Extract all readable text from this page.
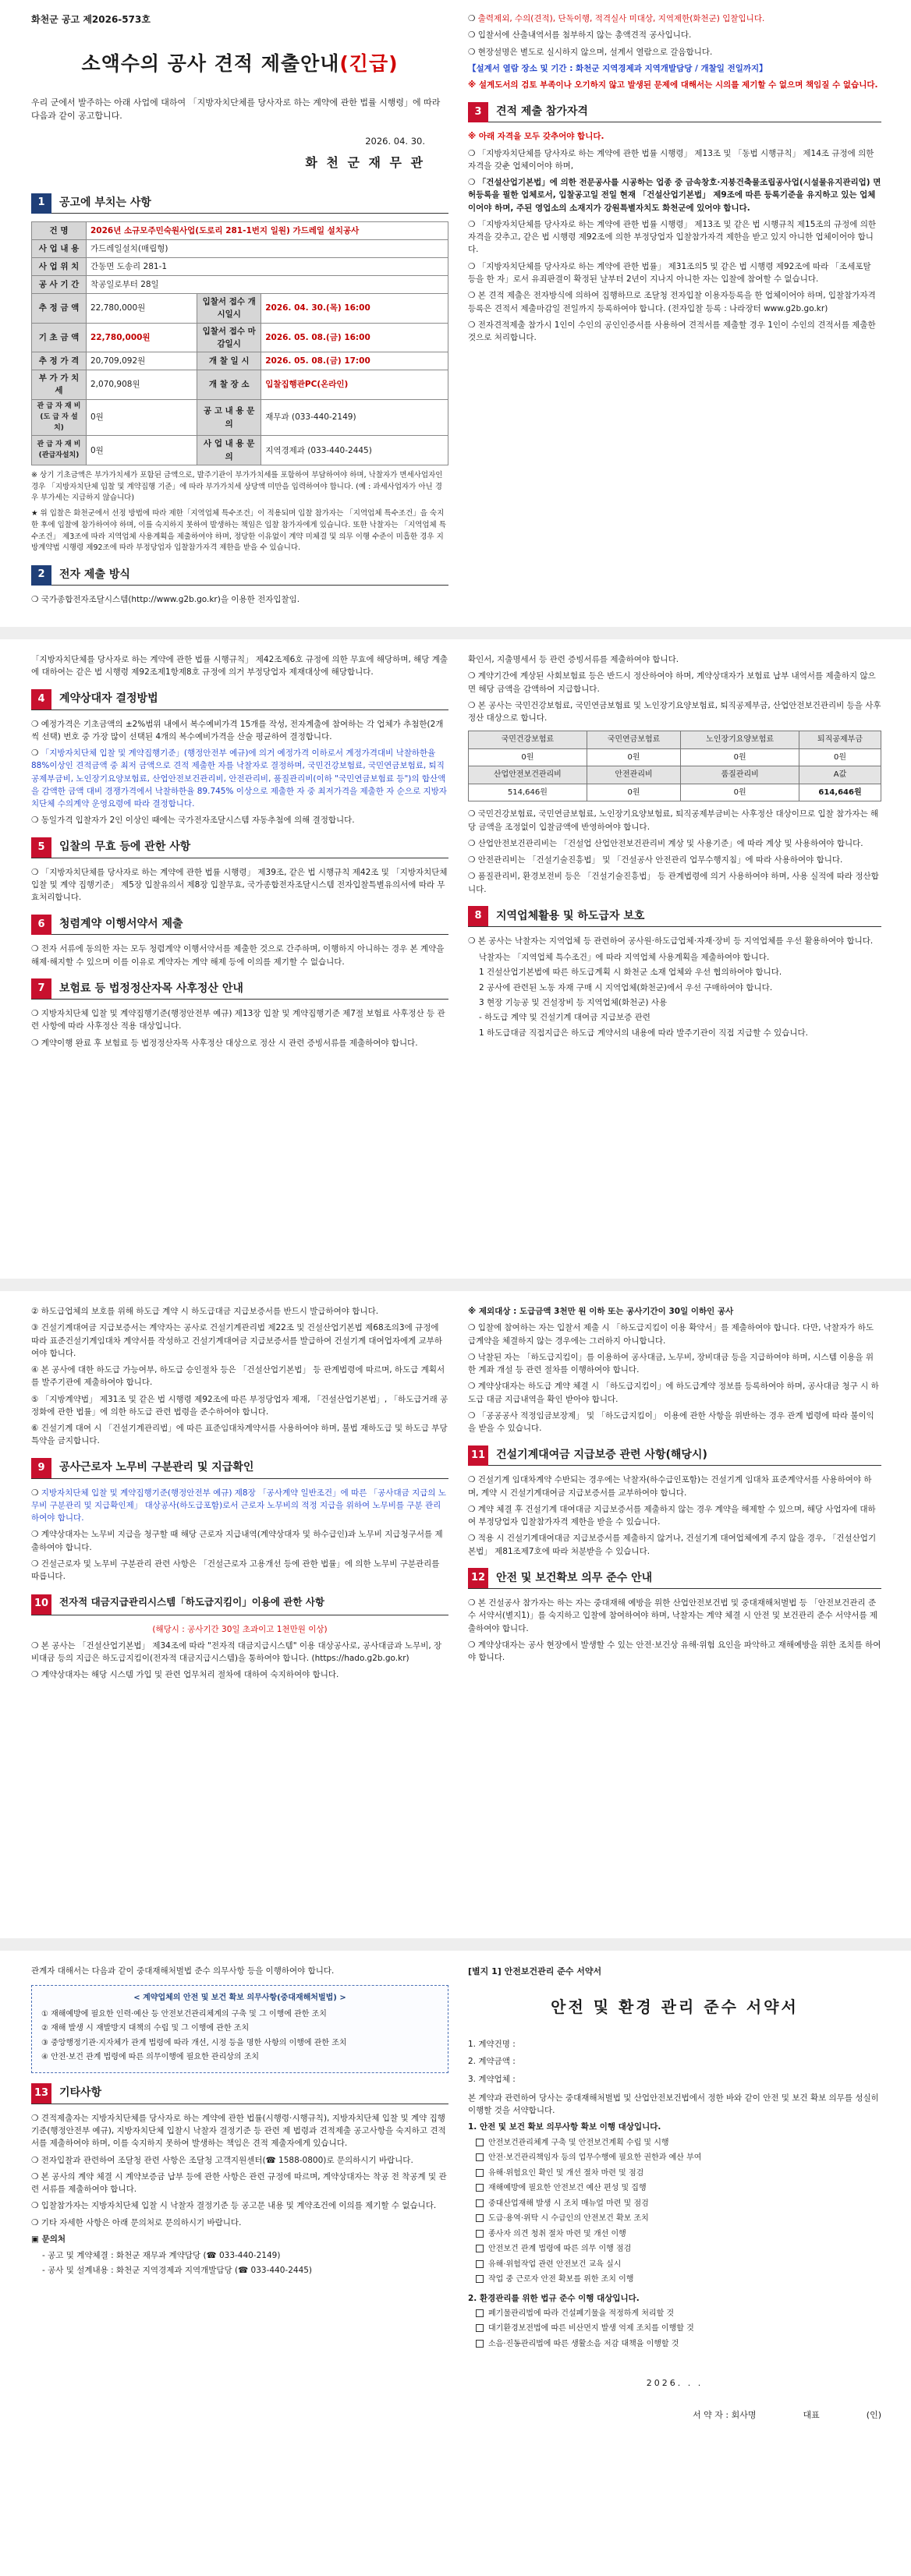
화천군 공고 제2026-573호
소액수의 공사 견적 제출안내(긴급)
우리 군에서 발주하는 아래 사업에 대하여 「지방자치단체를 당사자로 하는 계약에 관한 법률 시행령」에 따라 다음과 같이 공고합니다.
2026. 04. 30.
화 천 군 재 무 관
1	공고에 부치는 사항
건 명	2026년 소규모주민숙원사업(도로리 281-1번지 일원) 가드레일 설치공사		
사 업 내 용	가드레일설치(매립형)		
사 업 위 치	간동면 도송리 281-1		
공 사 기 간	착공일로부터 28일		
추 정 금 액	22,780,000원	입찰서 접수 개시일시	2026. 04. 30.(목) 16:00
기 초 금 액	22,780,000원	입찰서 접수 마감일시	2026. 05. 08.(금) 16:00
추 정 가 격	20,709,092원	개 찰 일 시	2026. 05. 08.(금) 17:00
부 가 가 치 세	2,070,908원	개 찰 장 소	입찰집행관PC(온라인)
관 급 자 재 비(도 급 자 설 치)	0원	공 고 내 용 문 의	재무과 (033-440-2149)
관 급 자 재 비(관급자설치)	0원	사 업 내 용 문 의	지역경제과 (033-440-2445)

※ 상기 기초금액은 부가가치세가 포함된 금액으로, 발주기관이 부가가치세를 포함하여 부담하여야 하며, 낙찰자가 면세사업자인 경우 「지방자치단체 입찰 및 계약집행 기준」에 따라 부가가치세 상당액 미만을 입력하여야 합니다. (예 : 과세사업자가 아닌 경우 부가세는 지급하지 않습니다)

★ 위 입찰은 화천군에서 선정 방법에 따라 제한「지역업체 특수조건」이 적용되며 입찰 참가자는 「지역업체 특수조건」을 숙지한 후에 입찰에 참가하여야 하며, 이를 숙지하지 못하여 발생하는 책임은 입찰 참가자에게 있습니다. 또한 낙찰자는 「지역업체 특수조건」 제3조에 따라 지역업체 사용계획을 제출하여야 하며, 정당한 이유없이 계약 미체결 및 의무 이행 수준이 미흡한 경우 지방계약법 시행령 제92조에 따라 부정당업자 입찰참가자격 제한을 받을 수 있습니다.

2	전자 제출 방식

❍ 국가종합전자조달시스템(http://www.g2b.go.kr)을 이용한 전자입찰임.

❍ 출력제외, 수의(견적), 단독이행, 적격실사 미대상, 지역제한(화천군) 입찰입니다.

❍ 입찰서에 산출내역서를 첨부하지 않는 총액견적 공사입니다.

❍ 현장설명은 별도로 실시하지 않으며, 설계서 열람으로 갈음합니다.

【설계서 열람 장소 및 기간 : 화천군 지역경제과 지역개발담당 / 개찰일 전일까지】

※ 설계도서의 검토 부족이나 오기하지 않고 발생된 문제에 대해서는 시의를 제기할 수 없으며 책임질 수 없습니다.

3	견적 제출 참가자격

※ 아래 자격을 모두 갖추어야 합니다.

❍ 「지방자치단체를 당사자로 하는 계약에 관한 법률 시행령」 제13조 및 「동법 시행규칙」 제14조 규정에 의한 자격을 갖춘 업체이어야 하며,

❍ 「건설산업기본법」에 의한 전문공사를 시공하는 업종 중 금속창호·지붕건축물조립공사업(시설물유지관리업) 면허등록을 필한 업체로서, 입찰공고일 전일 현재 「건설산업기본법」 제9조에 따른 등록기준을 유지하고 있는 업체이어야 하며, 주된 영업소의 소재지가 강원특별자치도 화천군에 있어야 합니다.

❍ 「지방자치단체를 당사자로 하는 계약에 관한 법률 시행령」 제13조 및 같은 법 시행규칙 제15조의 규정에 의한 자격을 갖추고, 같은 법 시행령 제92조에 의한 부정당업자 입찰참가자격 제한을 받고 있지 아니한 업체이어야 합니다.

❍ 「지방자치단체를 당사자로 하는 계약에 관한 법률」 제31조의5 및 같은 법 시행령 제92조에 따라 「조세포탈 등을 한 자」로서 유죄판결이 확정된 날부터 2년이 지나지 아니한 자는 입찰에 참여할 수 없습니다.

❍ 본 견적 제출은 전자방식에 의하여 집행하므로 조달청 전자입찰 이용자등록을 한 업체이어야 하며, 입찰참가자격 등록은 견적서 제출마감일 전일까지 등록하여야 합니다. (전자입찰 등록 : 나라장터 www.g2b.go.kr)

❍ 전자견적제출 참가시 1인이 수인의 공인인증서를 사용하여 견적서를 제출할 경우 1인이 수인의 견적서를 제출한 것으로 처리합니다.

「지방자치단체를 당사자로 하는 계약에 관한 법률 시행규칙」 제42조제6호 규정에 의한 무효에 해당하며, 해당 계출에 대하여는 같은 법 시행령 제92조제1항제8호 규정에 의거 부정당업자 제재대상에 해당합니다.

4	계약상대자 결정방법

❍ 예정가격은 기초금액의 ±2%범위 내에서 복수예비가격 15개를 작성, 전자계출에 참여하는 각 업체가 추첨한(2개씩 선택) 번호 중 가장 많이 선택된 4개의 복수예비가격을 산술 평균하여 결정합니다.

❍ 「지방자치단체 입찰 및 계약집행기준」(행정안전부 예규)에 의거 예정가격 이하로서 계정가격대비 낙찰하한율 88%이상인 견적금액 중 최저 금액으로 견적 제출한 자를 낙찰자로 결정하며, 국민건강보험료, 국민연금보험료, 퇴직공제부금비, 노인장기요양보험료, 산업안전보건관리비, 안전관리비, 품질관리비(이하 "국민연금보험료 등")의 합산액을 감액한 금액 대비 경쟁가격에서 낙찰하한율 89.745% 이상으로 제출한 자 중 최저가격을 제출한 자 순으로 지방자치단체 수의계약 운영요령에 따라 결정합니다.

❍ 동일가격 입찰자가 2인 이상인 때에는 국가전자조달시스템 자동추첨에 의해 결정합니다.

5	입찰의 무효 등에 관한 사항

❍ 「지방자치단체를 당사자로 하는 계약에 관한 법률 시행령」 제39조, 같은 법 시행규칙 제42조 및 「지방자치단체 입찰 및 계약 집행기준」 제5장 입찰유의서 제8장 입찰무효, 국가종합전자조달시스템 전자입찰특별유의서에 따라 무효처리합니다.

6	청렴계약 이행서약서 제출

❍ 전자 서류에 동의한 자는 모두 청렴계약 이행서약서를 제출한 것으로 간주하며, 이행하지 아니하는 경우 본 계약을 해제·해지할 수 있으며 이를 이유로 계약자는 계약 해제 등에 이의를 제기할 수 없습니다.

7	보험료 등 법정정산자목 사후정산 안내

❍ 지방자치단체 입찰 및 계약집행기준(행정안전부 예규) 제13장 입찰 및 계약집행기준 제7절 보험료 사후정산 등 관련 사항에 따라 사후정산 적용 대상입니다.

❍ 계약이행 완료 후 보험료 등 법정정산자목 사후정산 대상으로 정산 시 관련 증빙서류를 제출하여야 합니다.

확인서, 지출명세서 등 관련 증빙서류를 제출하여야 합니다.

❍ 계약기간에 계상된 사회보험료 등은 반드시 정산하여야 하며, 계약상대자가 보험료 납부 내역서를 제출하지 않으면 해당 금액을 감액하여 지급합니다.

❍ 본 공사는 국민건강보험료, 국민연금보험료 및 노인장기요양보험료, 퇴직공제부금, 산업안전보건관리비 등을 사후정산 대상으로 합니다.

국민건강보험료	국민연금보험료	노인장기요양보험료	퇴직공제부금
0원	0원	0원	0원
산업안전보건관리비	안전관리비	품질관리비	A값
514,646원	0원	0원	614,646원

❍ 국민건강보험료, 국민연금보험료, 노인장기요양보험료, 퇴직공제부금비는 사후정산 대상이므로 입찰 참가자는 해당 금액을 조정없이 입찰금액에 반영하여야 합니다.

❍ 산업안전보건관리비는 「건설업 산업안전보건관리비 계상 및 사용기준」에 따라 계상 및 사용하여야 합니다.

❍ 안전관리비는 「건설기술진흥법」 및 「건설공사 안전관리 업무수행지침」에 따라 사용하여야 합니다.

❍ 품질관리비, 환경보전비 등은 「건설기술진흥법」 등 관계법령에 의거 사용하여야 하며, 사용 실적에 따라 정산합니다.

8	지역업체활용 및 하도급자 보호

❍ 본 공사는 낙찰자는 지역업체 등 관련하여 공사원·하도급업체·자재·장비 등 지역업체를 우선 활용하여야 합니다.

낙찰자는 「지역업체 특수조건」에 따라 지역업체 사용계획을 제출하여야 합니다.

1 건설산업기본법에 따른 하도급계획 시 화천군 소재 업체와 우선 협의하여야 합니다.

2 공사에 관련된 노동 자재 구매 시 지역업체(화천군)에서 우선 구매하여야 합니다.

3 현장 기능공 및 건설장비 등 지역업체(화천군) 사용

- 하도급 계약 및 건설기계 대여금 지급보증 관련

1 하도급대금 직접지급은 하도급 계약서의 내용에 따라 발주기관이 직접 지급할 수 있습니다.

② 하도급업체의 보호를 위해 하도급 계약 시 하도급대금 지급보증서를 반드시 발급하여야 합니다.

③ 건설기계대여금 지급보증서는 계약자는 공사로 건설기계관리법 제22조 및 건설산업기본법 제68조의3에 규정에 따라 표준건설기계임대차 계약서를 작성하고 건설기계대여금 지급보증서를 발급하여 건설기계 대여업자에게 교부하여야 합니다.

④ 본 공사에 대한 하도급 가능여부, 하도급 승인절차 등은 「건설산업기본법」 등 관계법령에 따르며, 하도급 계획서를 발주기관에 제출하여야 합니다.

⑤ 「지방계약법」 제31조 및 같은 법 시행령 제92조에 따른 부정당업자 제재, 「건설산업기본법」, 「하도급거래 공정화에 관한 법률」에 의한 하도급 관련 법령을 준수하여야 합니다.

⑥ 건설기계 대여 시 「건설기계관리법」에 따른 표준임대차계약서를 사용하여야 하며, 불법 재하도급 및 하도급 부당 특약을 금지합니다.

9	공사근로자 노무비 구분관리 및 지급확인

❍ 지방자치단체 입찰 및 계약집행기준(행정안전부 예규) 제8장 「공사계약 일반조건」에 따른 「공사대금 지급의 노무비 구분관리 및 지급확인제」 대상공사(하도급포함)로서 근로자 노무비의 적정 지급을 위하여 노무비를 구분 관리하여야 합니다.

❍ 계약상대자는 노무비 지급을 청구할 때 해당 근로자 지급내역(계약상대자 및 하수급인)과 노무비 지급청구서를 제출하여야 합니다.

❍ 건설근로자 및 노무비 구분관리 관련 사항은 「건설근로자 고용개선 등에 관한 법률」에 의한 노무비 구분관리를 따릅니다.

10	전자적 대금지급관리시스템「하도급지킴이」이용에 관한 사항

(해당시 : 공사기간 30일 초과이고 1천만원 이상)

❍ 본 공사는 「건설산업기본법」 제34조에 따라 "전자적 대금지급시스템" 이용 대상공사로, 공사대금과 노무비, 장비대금 등의 지급은 하도급지킴이(전자적 대금지급시스템)을 통하여야 합니다. (https://hado.g2b.go.kr)

❍ 계약상대자는 해당 시스템 가입 및 관련 업무처리 절차에 대하여 숙지하여야 합니다.

※ 제외대상 : 도급금액 3천만 원 이하 또는 공사기간이 30일 이하인 공사

❍ 입찰에 참여하는 자는 입찰서 제출 시 「하도급지킴이 이용 확약서」를 제출하여야 합니다. 다만, 낙찰자가 하도급계약을 체결하지 않는 경우에는 그러하지 아니합니다.

❍ 낙찰된 자는 「하도급지킴이」를 이용하여 공사대금, 노무비, 장비대금 등을 지급하여야 하며, 시스템 이용을 위한 계좌 개설 등 관련 절차를 이행하여야 합니다.

❍ 계약상대자는 하도급 계약 체결 시 「하도급지킴이」에 하도급계약 정보를 등록하여야 하며, 공사대금 청구 시 하도급 대금 지급내역을 확인 받아야 합니다.

❍ 「공공공사 적정임금보장제」 및 「하도급지킴이」 이용에 관한 사항을 위반하는 경우 관계 법령에 따라 불이익을 받을 수 있습니다.

11 건설기계대여금 지급보증 관련 사항(해당시)

❍ 건설기계 임대차계약 수반되는 경우에는 낙찰자(하수급인포함)는 건설기계 임대차 표준계약서를 사용하여야 하며, 계약 시 건설기계대여금 지급보증서를 교부하여야 합니다.

❍ 계약 체결 후 건설기계 대여대금 지급보증서를 제출하지 않는 경우 계약을 해제할 수 있으며, 해당 사업자에 대하여 부정당업자 입찰참가자격 제한을 받을 수 있습니다.

❍ 적용 시 건설기계대여대금 지급보증서를 제출하지 않거나, 건설기계 대여업체에게 주지 않을 경우, 「건설산업기본법」 제81조제7호에 따라 처분받을 수 있습니다.

12 안전 및 보건확보 의무 준수 안내

❍ 본 건설공사 참가자는 하는 자는 중대재해 예방을 위한 산업안전보건법 및 중대재해처벌법 등 「안전보건관리 준수 서약서(별지1)」를 숙지하고 입찰에 참여하여야 하며, 낙찰자는 계약 체결 시 안전 및 보건관리 준수 서약서를 제출하여야 합니다.

❍ 계약상대자는 공사 현장에서 발생할 수 있는 안전·보건상 유해·위험 요인을 파악하고 재해예방을 위한 조치를 하여야 합니다.

관계자 대해서는 다음과 같이 중대재해처벌법 준수 의무사항 등을 이행하여야 합니다.

< 계약업체의 안전 및 보건 확보 의무사항(중대재해처벌법) >
① 재해예방에 필요한 인력·예산 등 안전보건관리체계의 구축 및 그 이행에 관한 조치
② 재해 발생 시 재발방지 대책의 수립 및 그 이행에 관한 조치
③ 중앙행정기관·지자체가 관계 법령에 따라 개선, 시정 등을 명한 사항의 이행에 관한 조치
④ 안전·보건 관계 법령에 따른 의무이행에 필요한 관리상의 조치
13 기타사항

❍ 견적제출자는 지방자치단체를 당사자로 하는 계약에 관한 법률(시행령·시행규칙), 지방자치단체 입찰 및 계약 집행기준(행정안전부 예규), 지방자치단체 입찰시 낙찰자 결정기준 등 관련 제 법령과 견적제출 공고사항을 숙지하고 견적서를 제출하여야 하며, 이를 숙지하지 못하여 발생하는 책임은 견적 제출자에게 있습니다.

❍ 전자입찰과 관련하여 조달청 관련 사항은 조달청 고객지원센터(☎ 1588-0800)로 문의하시기 바랍니다.

❍ 본 공사의 계약 체결 시 계약보증금 납부 등에 관한 사항은 관련 규정에 따르며, 계약상대자는 착공 전 착공계 및 관련 서류를 제출하여야 합니다.

❍ 입찰참가자는 지방자치단체 입찰 시 낙찰자 결정기준 등 공고문 내용 및 계약조건에 이의를 제기할 수 없습니다.

❍ 기타 자세한 사항은 아래 문의처로 문의하시기 바랍니다.

▣ 문의처

- 공고 및 계약체결 : 화천군 재무과 계약담당 (☎ 033-440-2149)

- 공사 및 설계내용 : 화천군 지역경제과 지역개발담당 (☎ 033-440-2445)

[별지 1] 안전보건관리 준수 서약서
안전 및 환경 관리 준수 서약서

1. 계약건명 :

2. 계약금액 :

3. 계약업체 :

본 계약과 관련하여 당사는 중대재해처벌법 및 산업안전보건법에서 정한 바와 같이 안전 및 보건 확보 의무를 성실히 이행할 것을 서약합니다.

1. 안전 및 보건 확보 의무사항 확보 이행 대상입니다.

안전보건관리체계 구축 및 안전보건계획 수립 및 시행
안전·보건관리책임자 등의 업무수행에 필요한 권한과 예산 부여
유해·위험요인 확인 및 개선 절차 마련 및 점검
재해예방에 필요한 안전보건 예산 편성 및 집행
중대산업재해 발생 시 조치 매뉴얼 마련 및 점검
도급·용역·위탁 시 수급인의 안전보건 확보 조치
종사자 의견 청취 절차 마련 및 개선 이행
안전보건 관계 법령에 따른 의무 이행 점검
유해·위험작업 관련 안전보건 교육 실시
작업 중 근로자 안전 확보를 위한 조치 이행

2. 환경관리를 위한 법규 준수 이행 대상입니다.

폐기물관리법에 따라 건설폐기물을 적정하게 처리할 것
대기환경보전법에 따른 비산먼지 발생 억제 조치를 이행할 것
소음·진동관리법에 따른 생활소음 저감 대책을 이행할 것
2026. . .
서 약 자 : 회사명	대표	(인)
